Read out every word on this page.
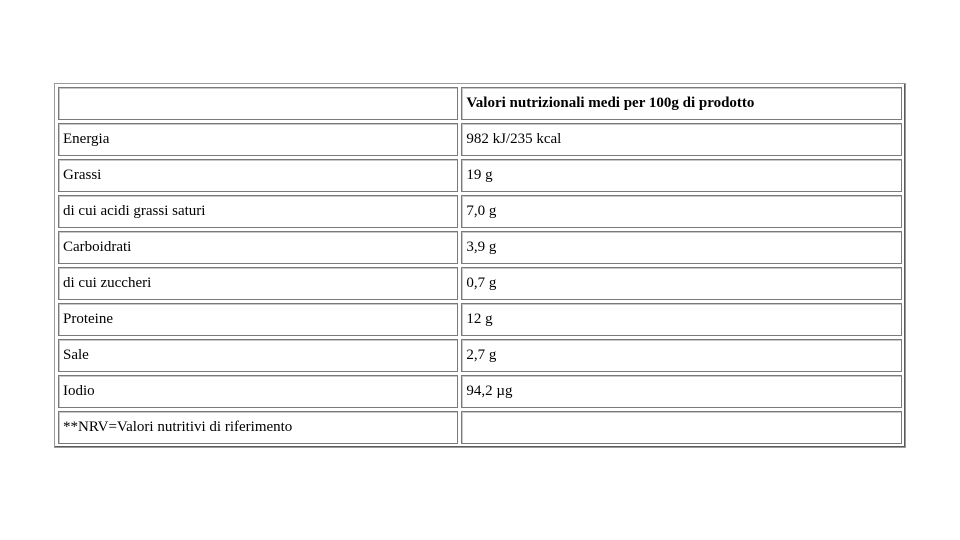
	Valori nutrizionali medi per 100g di prodotto
Energia	982 kJ/235 kcal
Grassi	19 g
di cui acidi grassi saturi	7,0 g
Carboidrati	3,9 g
di cui zuccheri	0,7 g
Proteine	12 g
Sale	2,7 g
Iodio	94,2 µg
**NRV=Valori nutritivi di riferimento	
